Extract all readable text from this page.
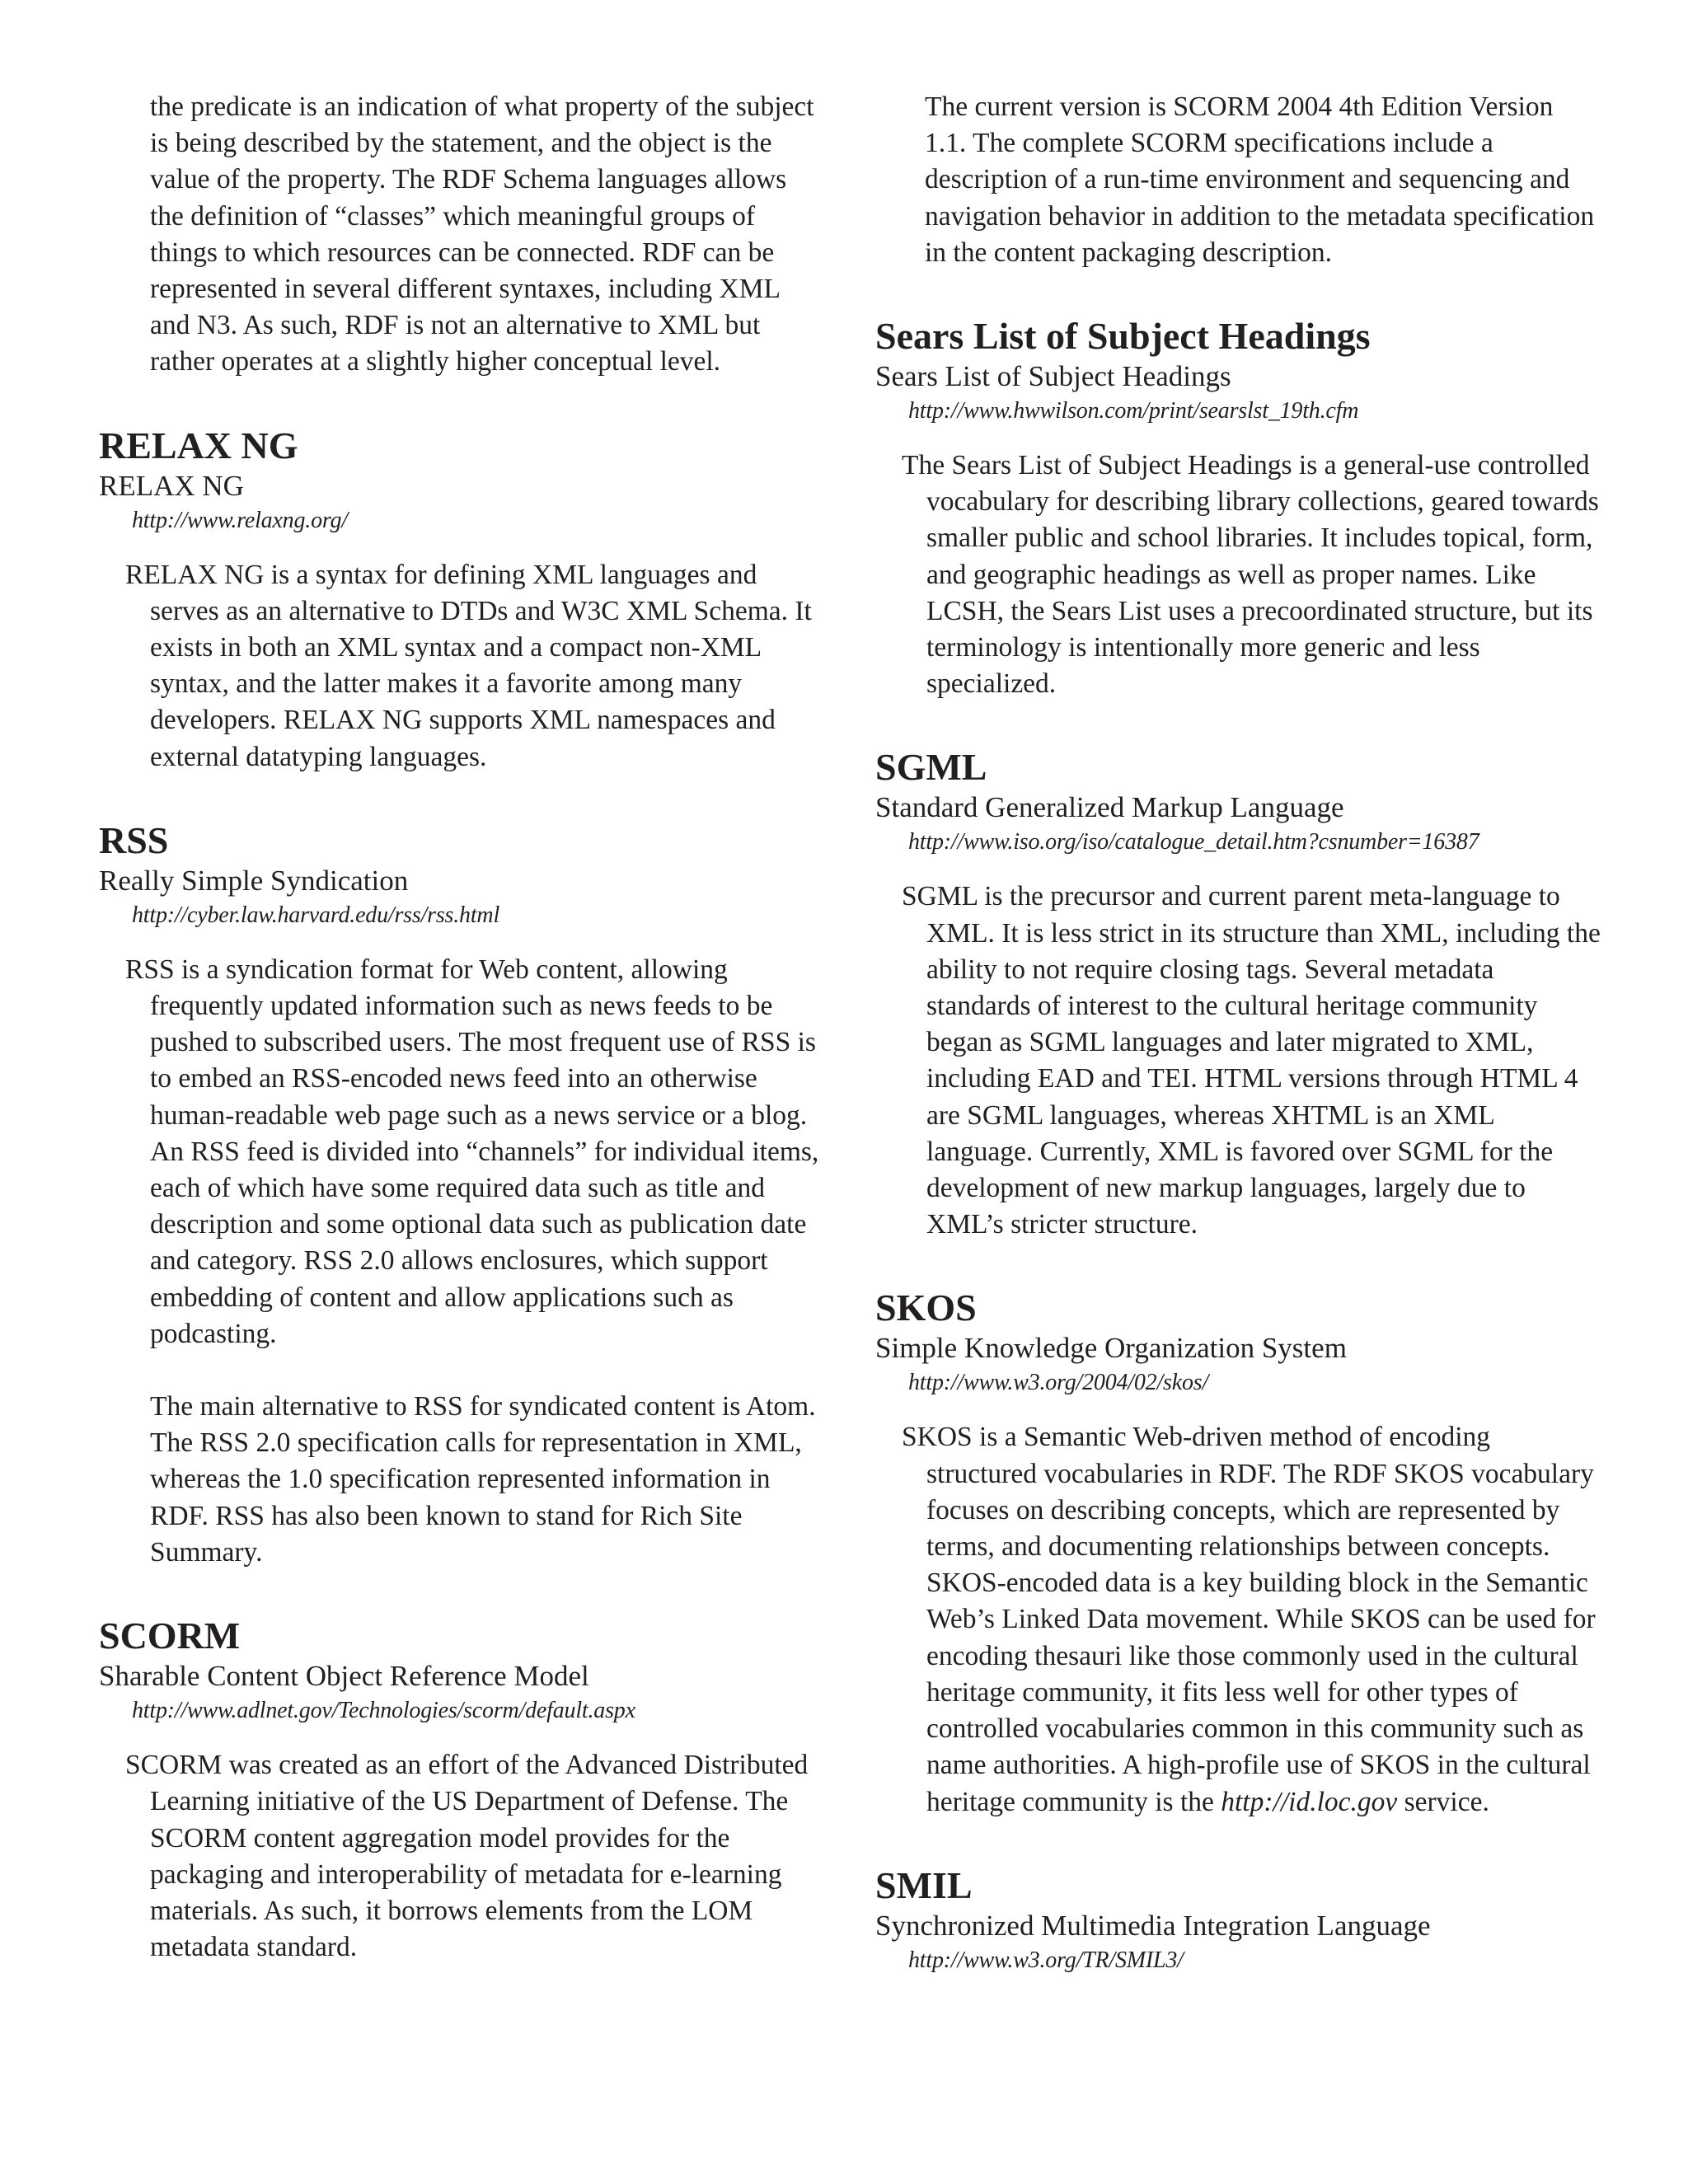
the predicate is an indication of what property of the subject is being described by the statement, and the object is the value of the property. The RDF Schema languages allows the definition of “classes” which meaningful groups of things to which resources can be connected. RDF can be represented in several different syntaxes, including XML and N3. As such, RDF is not an alternative to XML but rather operates at a slightly higher conceptual level.

RELAX NG
RELAX NG
http://www.relaxng.org/

RELAX NG is a syntax for defining XML languages and serves as an alternative to DTDs and W3C XML Schema. It exists in both an XML syntax and a compact non-XML syntax, and the latter makes it a favorite among many developers. RELAX NG supports XML namespaces and external datatyping languages.

RSS
Really Simple Syndication
http://cyber.law.harvard.edu/rss/rss.html

RSS is a syndication format for Web content, allowing frequently updated information such as news feeds to be pushed to subscribed users. The most frequent use of RSS is to embed an RSS-encoded news feed into an otherwise human-readable web page such as a news service or a blog. An RSS feed is divided into “channels” for individual items, each of which have some required data such as title and description and some optional data such as publication date and category. RSS 2.0 allows enclosures, which support embedding of content and allow applications such as podcasting.

The main alternative to RSS for syndicated content is Atom. The RSS 2.0 specification calls for representation in XML, whereas the 1.0 specification represented information in RDF. RSS has also been known to stand for Rich Site Summary.

SCORM
Sharable Content Object Reference Model
http://www.adlnet.gov/Technologies/scorm/default.aspx

SCORM was created as an effort of the Advanced Distributed Learning initiative of the US Department of Defense. The SCORM content aggregation model provides for the packaging and interoperability of metadata for e-learning materials. As such, it borrows elements from the LOM metadata standard.

The current version is SCORM 2004 4th Edition Version 1.1. The complete SCORM specifications include a description of a run-time environment and sequencing and navigation behavior in addition to the metadata specification in the content packaging description.

Sears List of Subject Headings
Sears List of Subject Headings
http://www.hwwilson.com/print/searslst_19th.cfm

The Sears List of Subject Headings is a general-use controlled vocabulary for describing library collections, geared towards smaller public and school libraries. It includes topical, form, and geographic headings as well as proper names. Like LCSH, the Sears List uses a precoordinated structure, but its terminology is intentionally more generic and less specialized.

SGML
Standard Generalized Markup Language
http://www.iso.org/iso/catalogue_detail.htm?csnumber=16387

SGML is the precursor and current parent meta-language to XML. It is less strict in its structure than XML, including the ability to not require closing tags. Several metadata standards of interest to the cultural heritage community began as SGML languages and later migrated to XML, including EAD and TEI. HTML versions through HTML 4 are SGML languages, whereas XHTML is an XML language. Currently, XML is favored over SGML for the development of new markup languages, largely due to XML’s stricter structure.

SKOS
Simple Knowledge Organization System
http://www.w3.org/2004/02/skos/

SKOS is a Semantic Web-driven method of encoding structured vocabularies in RDF. The RDF SKOS vocabulary focuses on describing concepts, which are represented by terms, and documenting relationships between concepts. SKOS-encoded data is a key building block in the Semantic Web’s Linked Data movement. While SKOS can be used for encoding thesauri like those commonly used in the cultural heritage community, it fits less well for other types of controlled vocabularies common in this community such as name authorities. A high-profile use of SKOS in the cultural heritage community is the http://id.loc.gov service.

SMIL
Synchronized Multimedia Integration Language
http://www.w3.org/TR/SMIL3/
